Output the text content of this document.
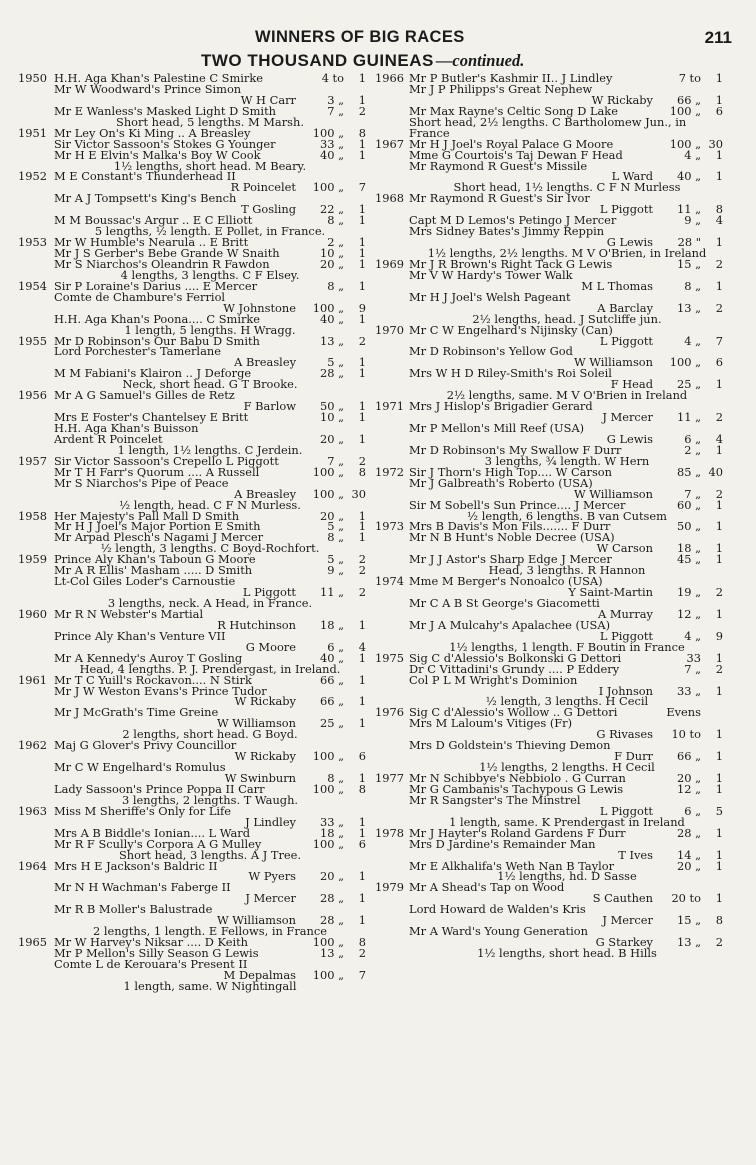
WINNERS OF BIG RACES	211
TWO THOUSAND GUINEAS —continued.
1950 H.H. Aga Khan's Palestine C Smirke	4 to	1
Mr W Woodward's Prince Simon
W H Carr	3 „	1
Mr E Wanless's Masked Light D Smith	7 „	2
Short head, 5 lengths. M Marsh.
1951 Mr Ley On's Ki Ming .. A Breasley	100 „	8
Sir Victor Sassoon's Stokes G Younger	33 „	1
Mr H E Elvin's Malka's Boy W Cook	40 „	1
1½ lengths, short head. M Beary.
1952 M E Constant's Thunderhead II
R Poincelet	100 „	7
Mr A J Tompsett's King's Bench
T Gosling	22 „	1
M M Boussac's Argur .. E C Elliott	8 „	1
5 lengths, ½ length. E Pollet, in France.
1953 Mr W Humble's Nearula .. E Britt	2 „	1
Mr J S Gerber's Bebe Grande W Snaith	10 „	1
Mr S Niarchos's Oleandrin R Fawdon	20 „	1
4 lengths, 3 lengths. C F Elsey.
1954 Sir P Loraine's Darius .... E Mercer	8 „	1
Comte de Chambure's Ferriol
W Johnstone	100 „	9
H.H. Aga Khan's Poona.... C Smirke	40 „	1
1 length, 5 lengths. H Wragg.
1955 Mr D Robinson's Our Babu D Smith	13 „	2
Lord Porchester's Tamerlane
A Breasley	5 „	1
M M Fabiani's Klairon .. J Deforge	28 „	1
Neck, short head. G T Brooke.
1956 Mr A G Samuel's Gilles de Retz
F Barlow	50 „	1
Mrs E Foster's Chantelsey E Britt	10 „	1
H.H. Aga Khan's Buisson
Ardent R Poincelet	20 „	1
1 length, 1½ lengths. C Jerdein.
1957 Sir Victor Sassoon's Crepello L Piggott	7 „	2
Mr T H Farr's Quorum .... A Russell	100 „	8
Mr S Niarchos's Pipe of Peace
A Breasley	100 „ 30
½ length, head. C F N Murless.
1958 Her Majesty's Pall Mall D Smith	20 „	1
Mr H J Joel's Major Portion E Smith	5 „	1
Mr Arpad Plesch's Nagami J Mercer	8 „	1
½ length, 3 lengths. C Boyd-Rochfort.
1959 Prince Aly Khan's Taboun G Moore	5 „	2
Mr A R Ellis' Masham ..... D Smith	9 „	2
Lt-Col Giles Loder's Carnoustie
L Piggott	11 „	2
3 lengths, neck. A Head, in France.
1960 Mr R N Webster's Martial
R Hutchinson	18 „	1
Prince Aly Khan's Venture VII
G Moore	6 „	4
Mr A Kennedy's Auroy T Gosling	40 „	1
Head, 4 lengths. P. J. Prendergast, in Ireland.
1961 Mr T C Yuill's Rockavon.... N Stirk	66 „	1
Mr J W Weston Evans's Prince Tudor
W Rickaby	66 „	1
Mr J McGrath's Time Greine
W Williamson	25 „	1
2 lengths, short head. G Boyd.
1962 Maj G Glover's Privy Councillor
W Rickaby	100 „	6
Mr C W Engelhard's Romulus
W Swinburn	8 „	1
Lady Sassoon's Prince Poppa II Carr	100 „	8
3 lengths, 2 lengths. T Waugh.
1963 Miss M Sheriffe's Only for Life
J Lindley	33 „	1
Mrs A B Biddle's Ionian.... L Ward	18 „	1
Mr R F Scully's Corpora A G Mulley	100 „	6
Short head, 3 lengths. A J Tree.
1964 Mrs H E Jackson's Baldric II
W Pyers	20 „	1
Mr N H Wachman's Faberge II
J Mercer	28 „	1
Mr R B Moller's Balustrade
W Williamson	28 „	1
2 lengths, 1 length. E Fellows, in France
1965 Mr W Harvey's Niksar .... D Keith	100 „	8
Mr P Mellon's Silly Season G Lewis	13 „	2
Comte L de Kerouara's Present II
M Depalmas	100 „	7
1 length, same. W Nightingall
1966 Mr P Butler's Kashmir II.. J Lindley	7 to	1
Mr J P Philipps's Great Nephew
W Rickaby	66 „	1
Mr Max Rayne's Celtic Song D Lake	100 „	6
Short head, 2½ lengths. C Bartholomew Jun., in
France
1967 Mr H J Joel's Royal Palace G Moore	100 „ 30
Mme G Courtois's Taj Dewan F Head	4 „	1
Mr Raymond R Guest's Missile
L Ward	40 „	1
Short head, 1½ lengths. C F N Murless
1968 Mr Raymond R Guest's Sir Ivor
L Piggott	11 „	8
Capt M D Lemos's Petingo J Mercer	9 „	4
Mrs Sidney Bates's Jimmy Reppin
G Lewis	28 "	1
1½ lengths, 2½ lengths. M V O'Brien, in Ireland
1969 Mr J R Brown's Right Tack G Lewis	15 „	2
Mr V W Hardy's Tower Walk
M L Thomas	8 „	1
Mr H J Joel's Welsh Pageant
A Barclay	13 „	2
2½ lengths, head. J Sutcliffe jun.
1970 Mr C W Engelhard's Nijinsky (Can)
L Piggott	4 „	7
Mr D Robinson's Yellow God
W Williamson	100 „	6
Mrs W H D Riley-Smith's Roi Soleil
F Head	25 „	1
2½ lengths, same. M V O'Brien in Ireland
1971 Mrs J Hislop's Brigadier Gerard
J Mercer	11 „	2
Mr P Mellon's Mill Reef (USA)
G Lewis	6 „	4
Mr D Robinson's My Swallow F Durr	2 „	1
3 lengths, ¾ length. W Hern
1972 Sir J Thorn's High Top.... W Carson	85 „ 40
Mr J Galbreath's Roberto (USA)
W Williamson	7 „	2
Sir M Sobell's Sun Prince.... J Mercer	60 „	1
½ length, 6 lengths. B van Cutsem
1973 Mrs B Davis's Mon Fils....... F Durr	50 „	1
Mr N B Hunt's Noble Decree (USA)
W Carson	18 „	1
Mr J J Astor's Sharp Edge J Mercer	45 „	1
Head, 3 lengths. R Hannon
1974 Mme M Berger's Nonoalco (USA)
Y Saint-Martin	19 „	2
Mr C A B St George's Giacometti
A Murray	12 „	1
Mr J A Mulcahy's Apalachee (USA)
L Piggott	4 „	9
1½ lengths, 1 length. F Boutin in France
1975 Sig C d'Alessio's Bolkonski G Dettori	33	1
Dr C Vittadini's Grundy .... P Eddery	7 „	2
Col P L M Wright's Dominion
I Johnson	33 „	1
½ length, 3 lengths. H Cecil
1976 Sig C d'Alessio's Wollow .. G Dettori	Evens
Mrs M Laloum's Vitiges (Fr)
G Rivases	10 to	1
Mrs D Goldstein's Thieving Demon
F Durr	66 „	1
1½ lengths, 2 lengths. H Cecil
1977 Mr N Schibbye's Nebbiolo . G Curran	20 „	1
Mr G Cambanis's Tachypous G Lewis	12 „	1
Mr R Sangster's The Minstrel
L Piggott	6 „	5
1 length, same. K Prendergast in Ireland
1978 Mr J Hayter's Roland Gardens F Durr	28 „	1
Mrs D Jardine's Remainder Man
T Ives	14 „	1
Mr E Alkhalifa's Weth Nan B Taylor	20 „	1
1½ lengths, hd. D Sasse
1979 Mr A Shead's Tap on Wood
S Cauthen	20 to	1
Lord Howard de Walden's Kris
J Mercer	15 „	8
Mr A Ward's Young Generation
G Starkey	13 „	2
1½ lengths, short head. B Hills
